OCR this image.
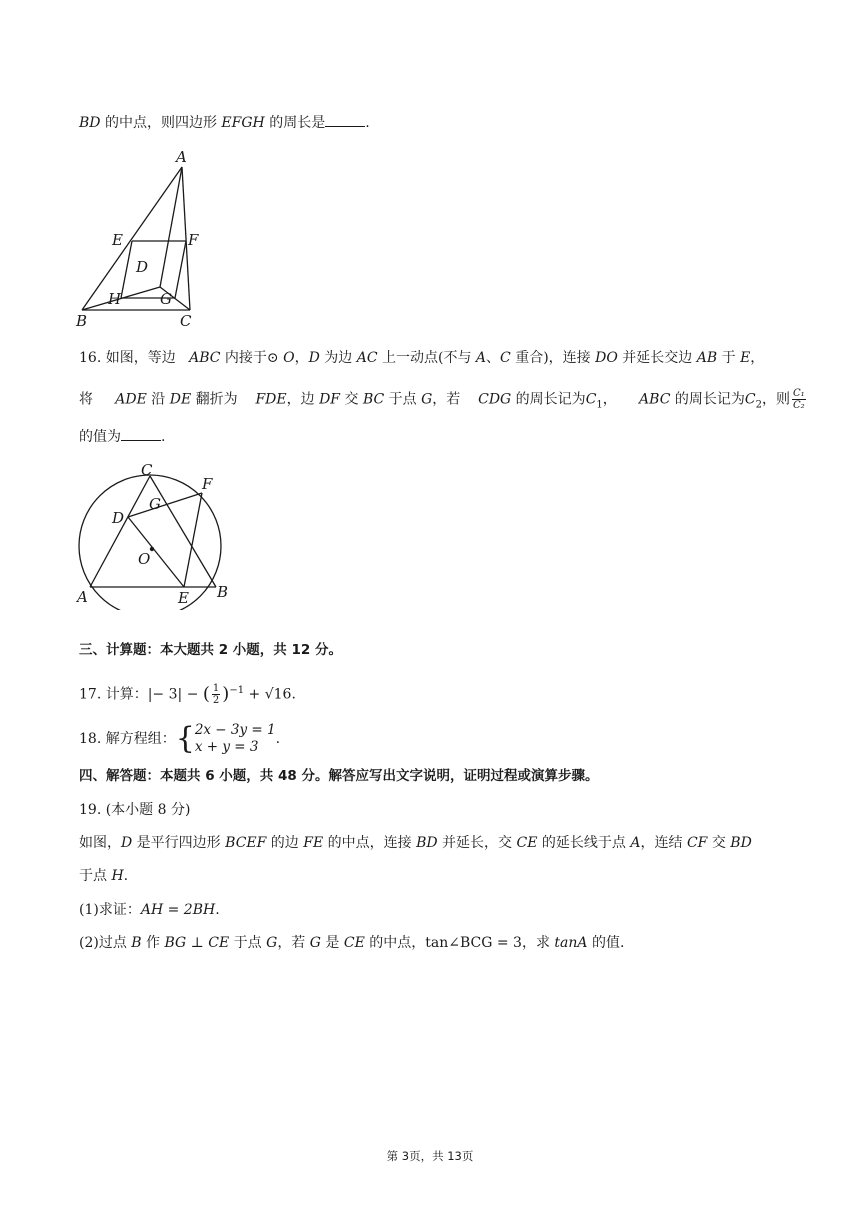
BD 的中点，则四边形 EFGH 的周长是	.
A
E	F
D
H	G
B	C
16. 如图，等边 ABC 内接于⊙ O，D 为边 AC 上一动点(不与 A、C 重合)，连接 DO 并延长交边 AB 于 E，
将 ADE 沿 DE 翻折为 FDE，边 DF 交 BC 于点 G，若 CDG 的周长记为$C_1$， ABC 的周长记为$C_2$，则 $\frac{\text{C₁}}{\text{C₂}}$
的值为	.
C
F
G
D
O
A	E B
三、计算题：本大题共 2 小题，共 12 分。
17. 计算：|− 3| − ( $\frac{1}{2} )^{-1} + √16$.
18. 解方程组：{ 2x − 3y = 1
x + y = 3	.
四、解答题：本题共 6 小题，共 48 分。解答应写出文字说明，证明过程或演算步骤。
19. (本小题 8 分)
如图，D 是平行四边形 BCEF 的边 FE 的中点，连接 BD 并延长，交 CE 的延长线于点 A，连结 CF 交 BD
于点 H.
(1)求证：AH = 2BH.
(2)过点 B 作 BG ⊥ CE 于点 G，若 G 是 CE 的中点，tan∠BCG = 3，求 tanA 的值.
第 3页，共 13页
